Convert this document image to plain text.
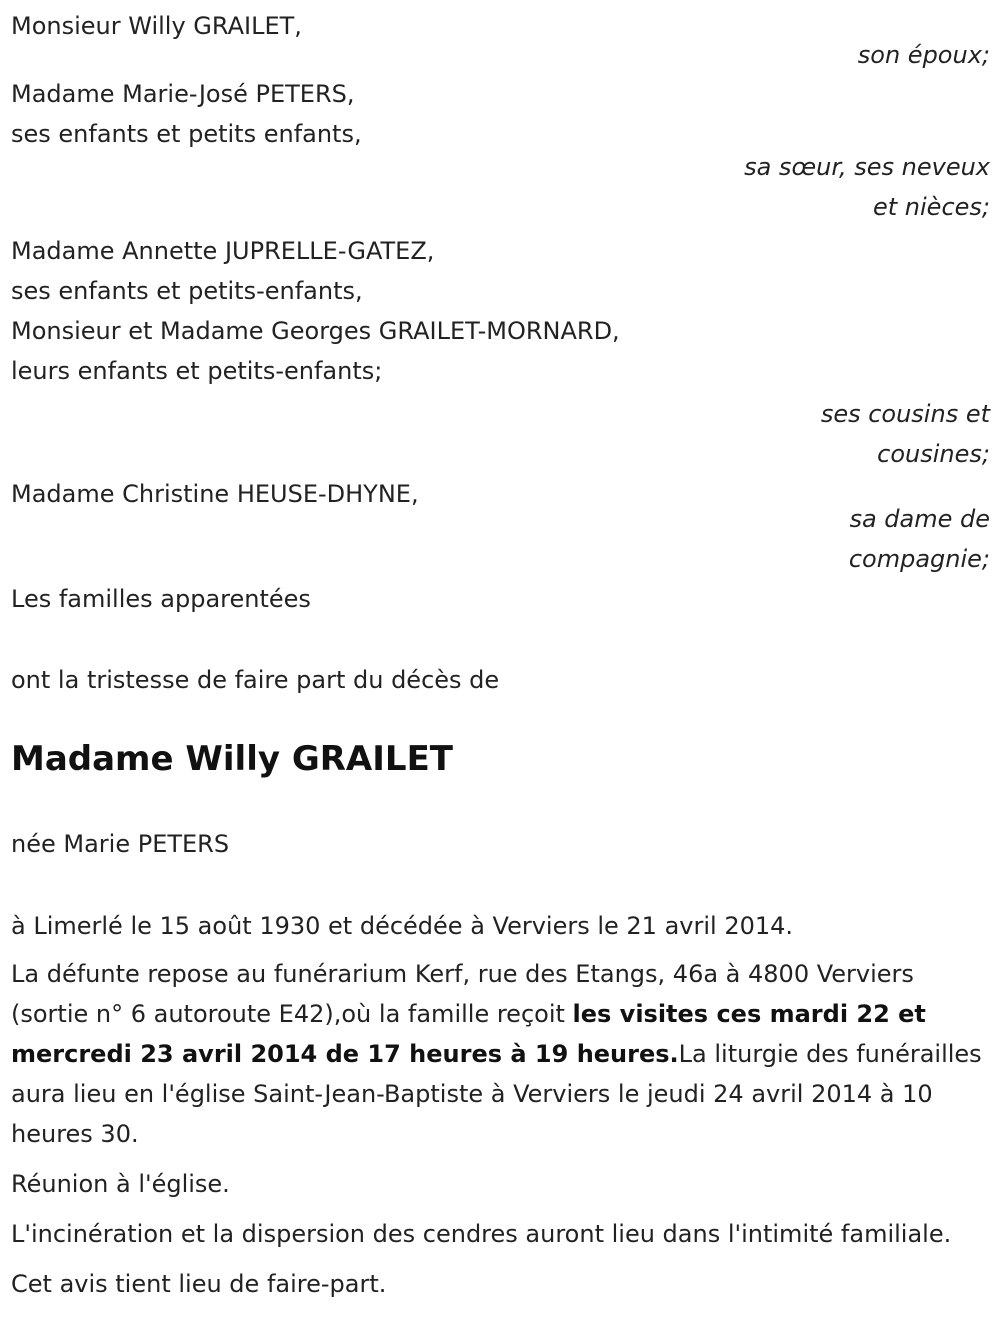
Monsieur Willy GRAILET,

son époux;

Madame Marie-José PETERS,

ses enfants et petits enfants,

sa sœur, ses neveux

et nièces;

Madame Annette JUPRELLE-GATEZ,

ses enfants et petits-enfants,

Monsieur et Madame Georges GRAILET-MORNARD,

leurs enfants et petits-enfants;

ses cousins et

cousines;

Madame Christine HEUSE-DHYNE,

sa dame de

compagnie;

Les familles apparentées

ont la tristesse de faire part du décès de

Madame Willy GRAILET

née Marie PETERS

à Limerlé le 15 août 1930 et décédée à Verviers le 21 avril 2014.

La défunte repose au funérarium Kerf, rue des Etangs, 46a à 4800 Verviers (sortie n° 6 autoroute E42),où la famille reçoit les visites ces mardi 22 et mercredi 23 avril 2014 de 17 heures à 19 heures.La liturgie des funérailles aura lieu en l'église Saint-Jean-Baptiste à Verviers le jeudi 24 avril 2014 à 10 heures 30.

Réunion à l'église.

L'incinération et la dispersion des cendres auront lieu dans l'intimité familiale.

Cet avis tient lieu de faire-part.
